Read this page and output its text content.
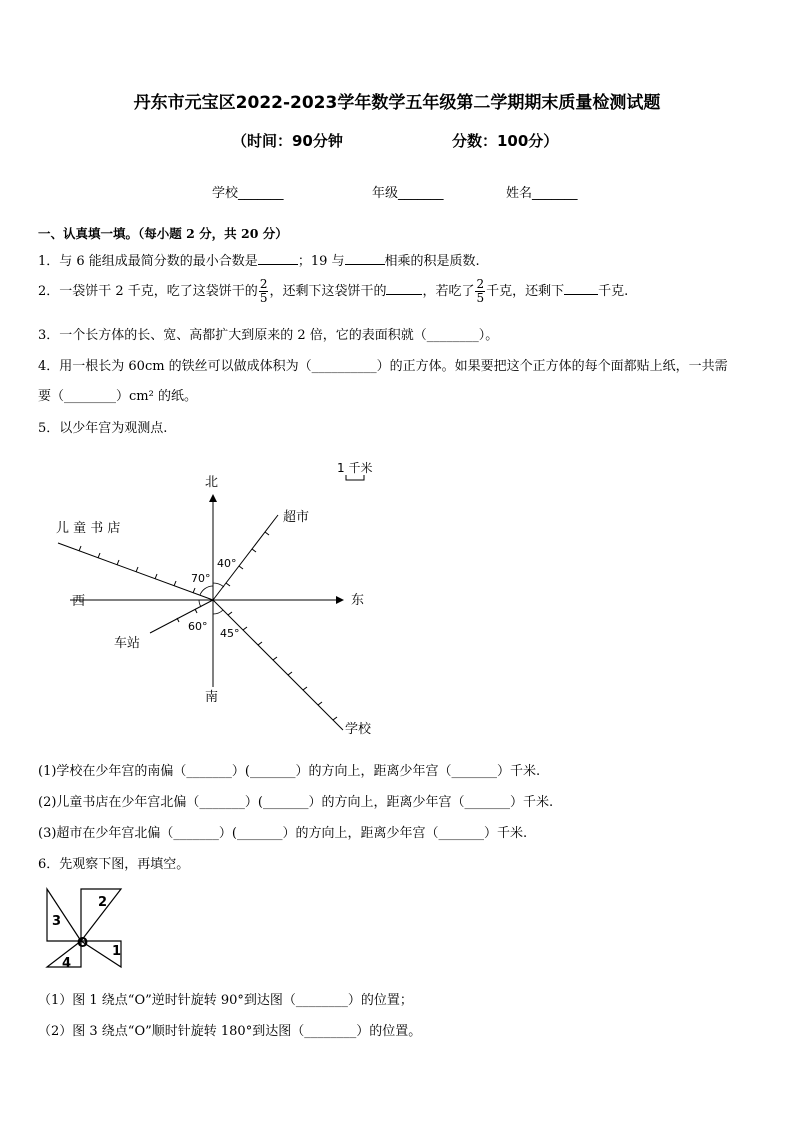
丹东市元宝区2022-2023学年数学五年级第二学期期末质量检测试题
（时间：90分钟	分数：100分）
学校_______	年级_______	姓名_______
一、认真填一填。（每小题 2 分，共 20 分）
1．与 6 能组成最简分数的最小合数是	；19 与	相乘的积是质数.
2．一袋饼干 2 千克，吃了这袋饼干的 $\frac{2}{5}$ ，还剩下这袋饼干的	，若吃了 $\frac{2}{5}$ 千克，还剩下	千克.
3．一个长方体的长、宽、高都扩大到原来的 2 倍，它的表面积就（________）。
4．用一根长为 60cm 的铁丝可以做成体积为（__________）的正方体。如果要把这个正方体的每个面都贴上纸，一共需
要（________）cm² 的纸。
5．以少年宫为观测点.
北
南
东
西
1 千米
超市
儿 童 书 店
车站
学校
40°
70°
60°
45°
(1)学校在少年宫的南偏（_______）(_______）的方向上，距离少年宫（_______）千米.
(2)儿童书店在少年宫北偏（_______）(_______）的方向上，距离少年宫（_______）千米.
(3)超市在少年宫北偏（_______）(_______）的方向上，距离少年宫（_______）千米.
6．先观察下图，再填空。
3
2
4
1
O
（1）图 1 绕点“O”逆时针旋转 90°到达图（________）的位置；
（2）图 3 绕点“O”顺时针旋转 180°到达图（________）的位置。
